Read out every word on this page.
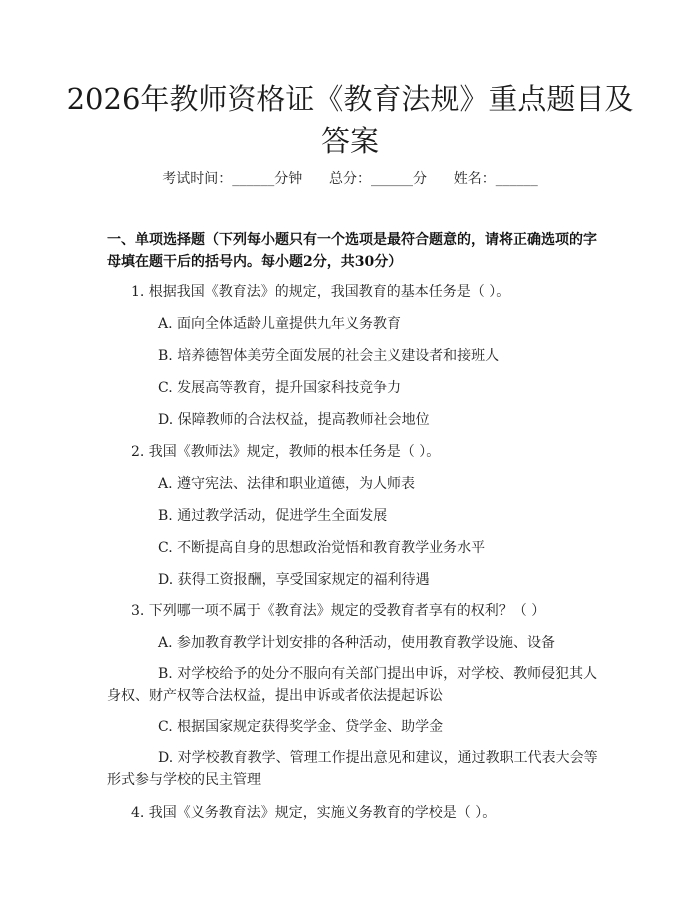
2026年教师资格证《教育法规》重点题目及
答案
考试时间：______分钟      总分：______分      姓名：______
一、单项选择题（下列每小题只有一个选项是最符合题意的，请将正确选项的字母填在题干后的括号内。每小题2分，共30分）
1. 根据我国《教育法》的规定，我国教育的基本任务是（ ）。
A. 面向全体适龄儿童提供九年义务教育
B. 培养德智体美劳全面发展的社会主义建设者和接班人
C. 发展高等教育，提升国家科技竞争力
D. 保障教师的合法权益，提高教师社会地位
2. 我国《教师法》规定，教师的根本任务是（ ）。
A. 遵守宪法、法律和职业道德，为人师表
B. 通过教学活动，促进学生全面发展
C. 不断提高自身的思想政治觉悟和教育教学业务水平
D. 获得工资报酬，享受国家规定的福利待遇
3. 下列哪一项不属于《教育法》规定的受教育者享有的权利？（ ）
A. 参加教育教学计划安排的各种活动，使用教育教学设施、设备
B. 对学校给予的处分不服向有关部门提出申诉，对学校、教师侵犯其人身权、财产权等合法权益，提出申诉或者依法提起诉讼
C. 根据国家规定获得奖学金、贷学金、助学金
D. 对学校教育教学、管理工作提出意见和建议，通过教职工代表大会等形式参与学校的民主管理
4. 我国《义务教育法》规定，实施义务教育的学校是（ ）。
